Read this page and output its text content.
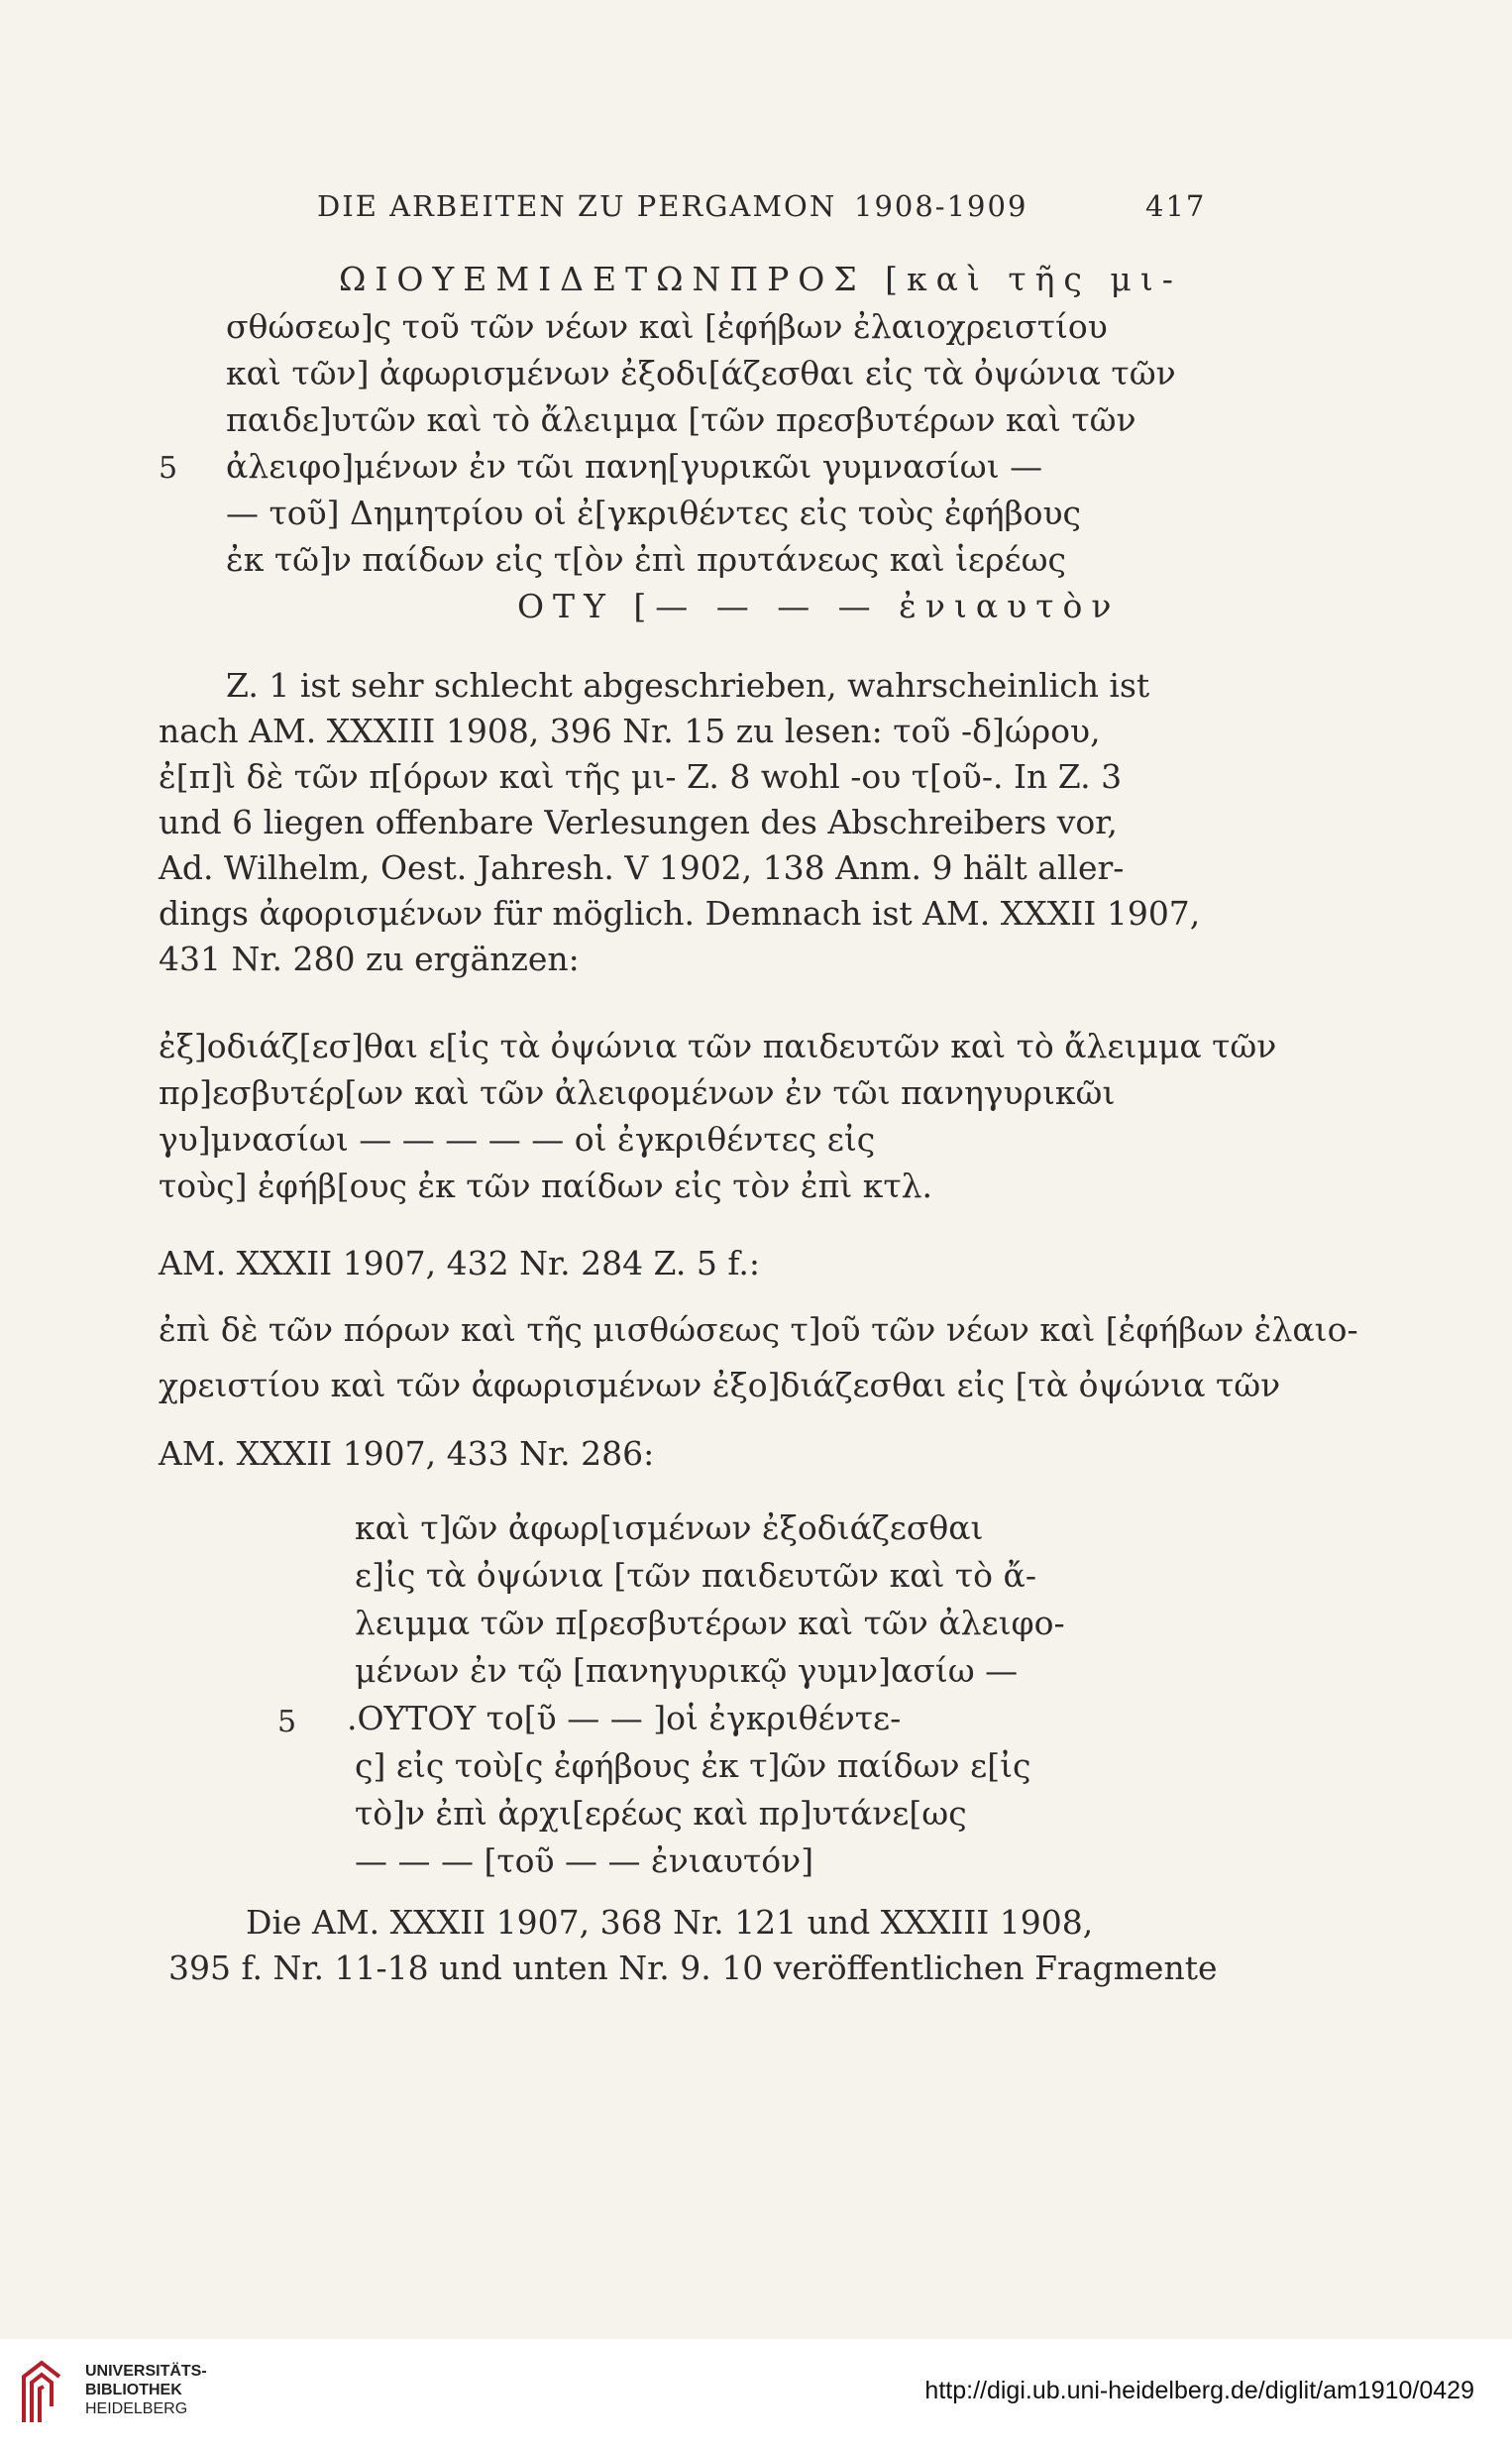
DIE ARBEITEN ZU PERGAMON 1908-1909	417
ΩΙΟΥΕΜΙΔΕΤΩΝΠΡΟΣ [καὶ τῆς μι-
σθώσεω]ς τοῦ τῶν νέων καὶ [ἐφήβων ἐλαιοχρειστίου
καὶ τῶν] ἀφωρισμένων ἐξοδι[άζεσθαι εἰς τὰ ὀψώνια τῶν
παιδε]υτῶν καὶ τὸ ἄλειμμα [τῶν πρεσβυτέρων καὶ τῶν
5 ἀλειφο]μένων ἐν τῶι πανη[γυρικῶι γυμνασίωι —
— τοῦ] Δημητρίου οἱ ἐ[γκριθέντες εἰς τοὺς ἐφήβους
ἐκ τῶ]ν παίδων εἰς τ[ὸν ἐπὶ πρυτάνεως καὶ ἱερέως
ΟΤΥ [— — — — ἐνιαυτὸν
Z. 1 ist sehr schlecht abgeschrieben, wahrscheinlich ist
nach AM. XXXIII 1908, 396 Nr. 15 zu lesen: τοῦ -δ]ώρου,
ἐ[π]ὶ δὲ τῶν π[όρων καὶ τῆς μι- Z. 8 wohl -ου τ[οῦ-. In Z. 3
und 6 liegen offenbare Verlesungen des Abschreibers vor,
Ad. Wilhelm, Oest. Jahresh. V 1902, 138 Anm. 9 hält aller-
dings ἀφορισμένων für möglich. Demnach ist AM. XXXII 1907,
431 Nr. 280 zu ergänzen:
ἐξ]οδιάζ[εσ]θαι ε[ἰς τὰ ὀψώνια τῶν παιδευτῶν καὶ τὸ ἄλειμμα τῶν
πρ]εσβυτέρ[ων καὶ τῶν ἀλειφομένων ἐν τῶι πανηγυρικῶι
γυ]μνασίωι — — — — — οἱ ἐγκριθέντες εἰς
τοὺς] ἐφήβ[ους ἐκ τῶν παίδων εἰς τὸν ἐπὶ κτλ.
AM. XXXII 1907, 432 Nr. 284 Z. 5 f.:
ἐπὶ δὲ τῶν πόρων καὶ τῆς μισθώσεως τ]οῦ τῶν νέων καὶ [ἐφήβων ἐλαιο-
χρειστίου καὶ τῶν ἀφωρισμένων ἐξο]διάζεσθαι εἰς [τὰ ὀψώνια τῶν
AM. XXXII 1907, 433 Nr. 286:
καὶ τ]ῶν ἀφωρ[ισμένων ἐξοδιάζεσθαι
ε]ἰς τὰ ὀψώνια [τῶν παιδευτῶν καὶ τὸ ἄ-
λειμμα τῶν π[ρεσβυτέρων καὶ τῶν ἀλειφο-
μένων ἐν τῷ [πανηγυρικῷ γυμν]ασίω —
5 .ΟΥΤΟΥ το[ῦ — — ]οἱ ἐγκριθέντε-
ς] εἰς τοὺ[ς ἐφήβους ἐκ τ]ῶν παίδων ε[ἰς
τὸ]ν ἐπὶ ἀρχι[ερέως καὶ πρ]υτάνε[ως
— — — [τοῦ — — ἐνιαυτόν]
Die AM. XXXII 1907, 368 Nr. 121 und XXXIII 1908,
395 f. Nr. 11-18 und unten Nr. 9. 10 veröffentlichen Fragmente
UNIVERSITÄTS-
BIBLIOTHEK
HEIDELBERG
http://digi.ub.uni-heidelberg.de/diglit/am1910/0429
